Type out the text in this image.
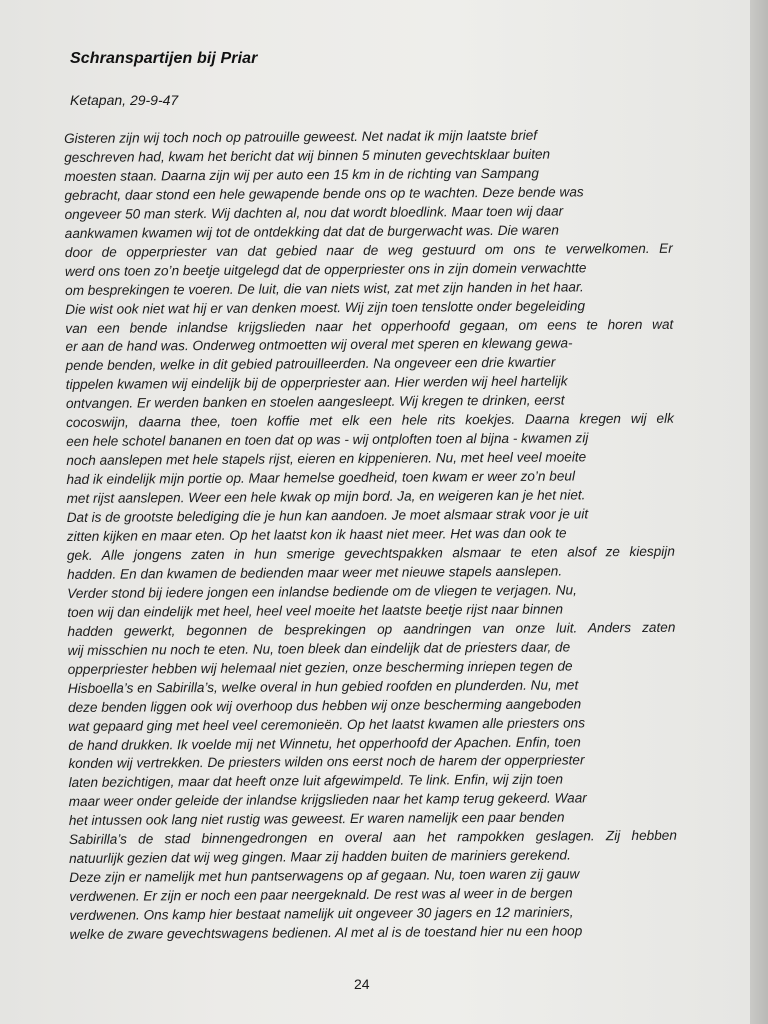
Schranspartijen bij Priar

Ketapan, 29-9-47

Gisteren zijn wij toch noch op patrouille geweest. Net nadat ik mijn laatste brief
geschreven had, kwam het bericht dat wij binnen 5 minuten gevechtsklaar buiten
moesten staan. Daarna zijn wij per auto een 15 km in de richting van Sampang
gebracht, daar stond een hele gewapende bende ons op te wachten. Deze bende was
ongeveer 50 man sterk. Wij dachten al, nou dat wordt bloedlink. Maar toen wij daar
aankwamen kwamen wij tot de ontdekking dat dat de burgerwacht was. Die waren
door de opperpriester van dat gebied naar de weg gestuurd om ons te verwelkomen. Er
werd ons toen zo’n beetje uitgelegd dat de opperpriester ons in zijn domein verwachtte
om besprekingen te voeren. De luit, die van niets wist, zat met zijn handen in het haar.
Die wist ook niet wat hij er van denken moest. Wij zijn toen tenslotte onder begeleiding
van een bende inlandse krijgslieden naar het opperhoofd gegaan, om eens te horen wat
er aan de hand was. Onderweg ontmoetten wij overal met speren en klewang gewa-
pende benden, welke in dit gebied patrouilleerden. Na ongeveer een drie kwartier
tippelen kwamen wij eindelijk bij de opperpriester aan. Hier werden wij heel hartelijk
ontvangen. Er werden banken en stoelen aangesleept. Wij kregen te drinken, eerst
cocoswijn, daarna thee, toen koffie met elk een hele rits koekjes. Daarna kregen wij elk
een hele schotel bananen en toen dat op was - wij ontploften toen al bijna - kwamen zij
noch aanslepen met hele stapels rijst, eieren en kippenieren. Nu, met heel veel moeite
had ik eindelijk mijn portie op. Maar hemelse goedheid, toen kwam er weer zo’n beul
met rijst aanslepen. Weer een hele kwak op mijn bord. Ja, en weigeren kan je het niet.
Dat is de grootste belediging die je hun kan aandoen. Je moet alsmaar strak voor je uit
zitten kijken en maar eten. Op het laatst kon ik haast niet meer. Het was dan ook te
gek. Alle jongens zaten in hun smerige gevechtspakken alsmaar te eten alsof ze kiespijn
hadden. En dan kwamen de bedienden maar weer met nieuwe stapels aanslepen.
Verder stond bij iedere jongen een inlandse bediende om de vliegen te verjagen. Nu,
toen wij dan eindelijk met heel, heel veel moeite het laatste beetje rijst naar binnen
hadden gewerkt, begonnen de besprekingen op aandringen van onze luit. Anders zaten
wij misschien nu noch te eten. Nu, toen bleek dan eindelijk dat de priesters daar, de
opperpriester hebben wij helemaal niet gezien, onze bescherming inriepen tegen de
Hisboella’s en Sabirilla’s, welke overal in hun gebied roofden en plunderden. Nu, met
deze benden liggen ook wij overhoop dus hebben wij onze bescherming aangeboden
wat gepaard ging met heel veel ceremonieën. Op het laatst kwamen alle priesters ons
de hand drukken. Ik voelde mij net Winnetu, het opperhoofd der Apachen. Enfin, toen
konden wij vertrekken. De priesters wilden ons eerst noch de harem der opperpriester
laten bezichtigen, maar dat heeft onze luit afgewimpeld. Te link. Enfin, wij zijn toen
maar weer onder geleide der inlandse krijgslieden naar het kamp terug gekeerd. Waar
het intussen ook lang niet rustig was geweest. Er waren namelijk een paar benden
Sabirilla’s de stad binnengedrongen en overal aan het rampokken geslagen. Zij hebben
natuurlijk gezien dat wij weg gingen. Maar zij hadden buiten de mariniers gerekend.
Deze zijn er namelijk met hun pantserwagens op af gegaan. Nu, toen waren zij gauw
verdwenen. Er zijn er noch een paar neergeknald. De rest was al weer in de bergen
verdwenen. Ons kamp hier bestaat namelijk uit ongeveer 30 jagers en 12 mariniers,
welke de zware gevechtswagens bedienen. Al met al is de toestand hier nu een hoop

24
